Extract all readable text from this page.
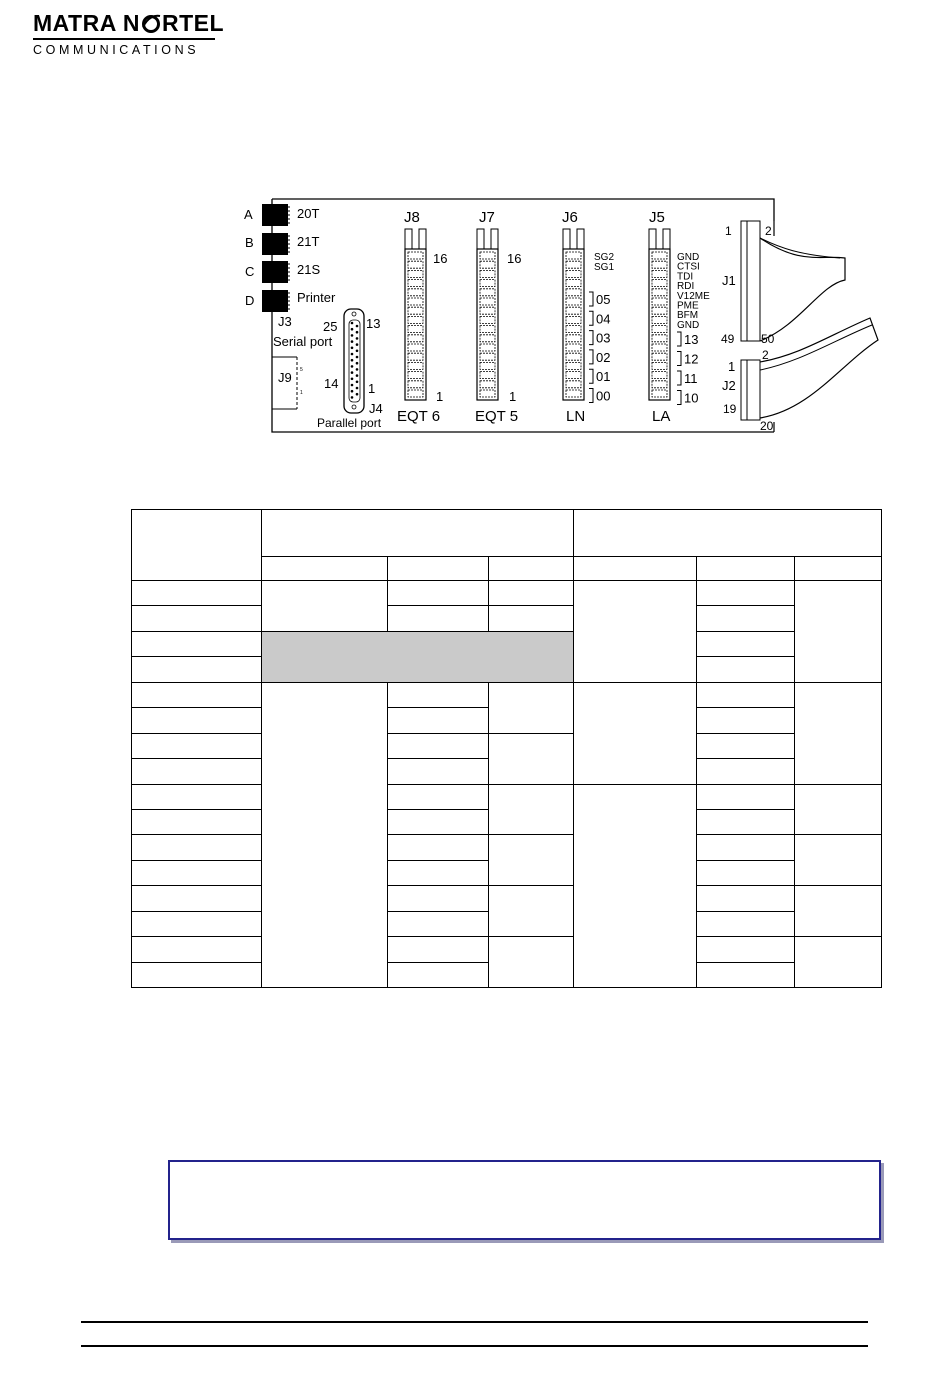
MATRA N RTEL
COMMUNICATIONS
A	20T
B	21T
C	21S
D	Printer
J3
Serial port
J9 5
1
25 13
14 1
J4
Parallel port
J8
16
1
EQT 6
J7
16
1
EQT 5
J6
SG2
SG1
05
04
03
02
01
00
LN
J5
GND
CTSI
TDI
RDI
V12ME
PME
BFM
GND
13
12
11
10
LA
1	2
J1
49 50
2
1
J2
19
20
